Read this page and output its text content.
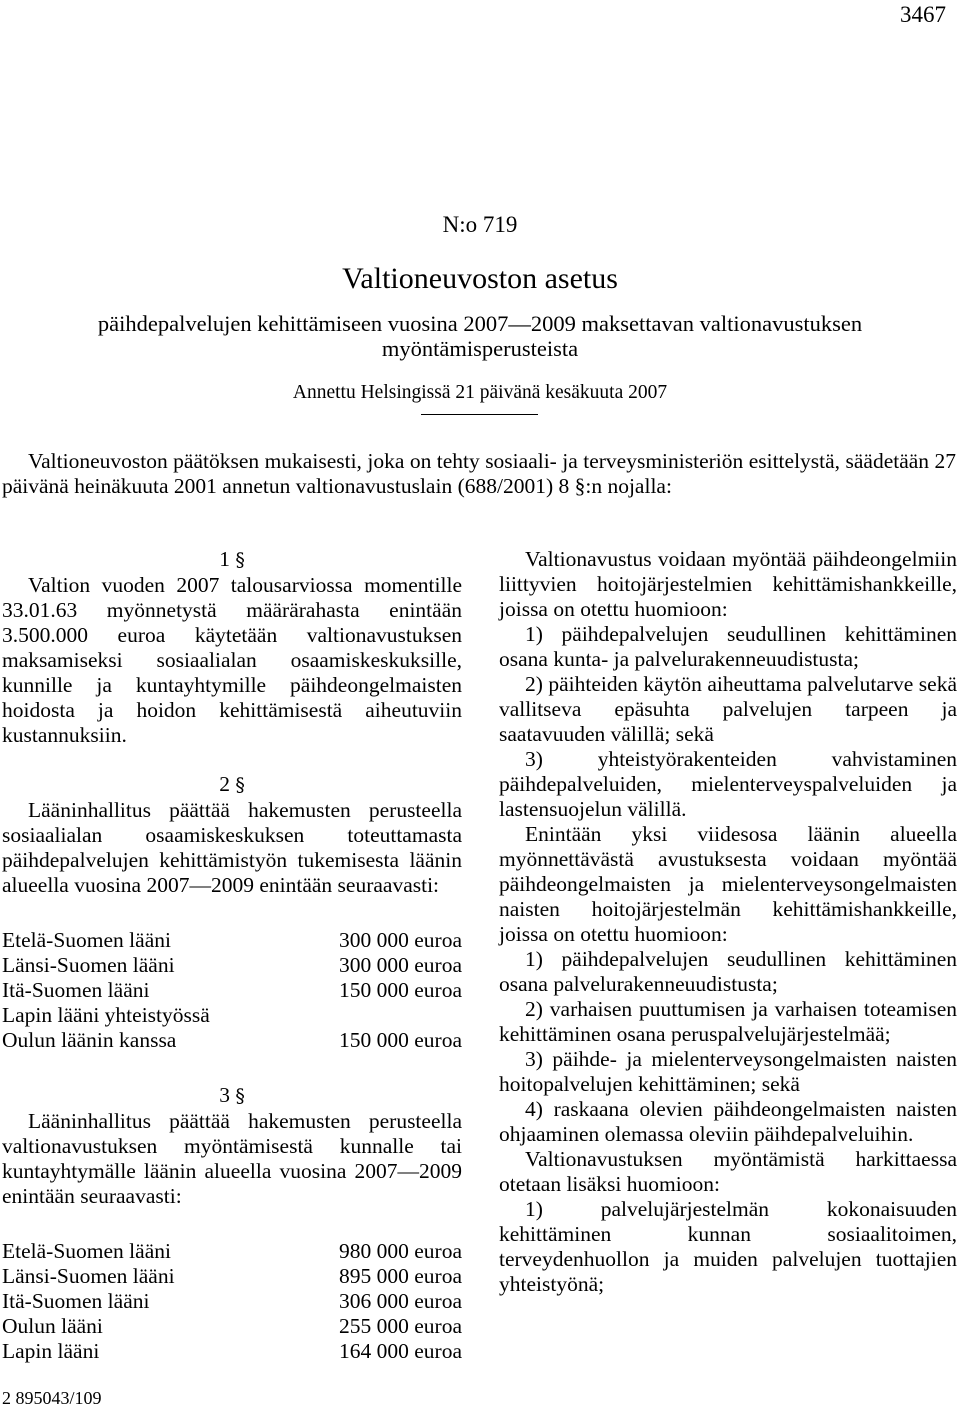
3467
N:o 719
Valtioneuvoston asetus
päihdepalvelujen kehittämiseen vuosina 2007—2009 maksettavan valtionavustuksen myöntämisperusteista
Annettu Helsingissä 21 päivänä kesäkuuta 2007

Valtioneuvoston päätöksen mukaisesti, joka on tehty sosiaali- ja terveysministeriön esittelystä, säädetään 27 päivänä heinäkuuta 2001 annetun valtionavustuslain (688/2001) 8 §:n nojalla:

1 §

Valtion vuoden 2007 talousarviossa momentille 33.01.63 myönnetystä määrärahasta enintään 3.500.000 euroa käytetään valtionavustuksen maksamiseksi sosiaalialan osaamiskeskuksille, kunnille ja kuntayhtymille päihdeongelmaisten hoidosta ja hoidon kehittämisestä aiheutuviin kustannuksiin.

2 §

Lääninhallitus päättää hakemusten perusteella sosiaalialan osaamiskeskuksen toteuttamasta päihdepalvelujen kehittämistyön tukemisesta läänin alueella vuosina 2007—2009 enintään seuraavasti:

Etelä-Suomen lääni	300 000 euroa
Länsi-Suomen lääni	300 000 euroa
Itä-Suomen lääni	150 000 euroa
Lapin lääni yhteistyössä
Oulun läänin kanssa	150 000 euroa
3 §

Lääninhallitus päättää hakemusten perusteella valtionavustuksen myöntämisestä kunnalle tai kuntayhtymälle läänin alueella vuosina 2007—2009 enintään seuraavasti:

Etelä-Suomen lääni	980 000 euroa
Länsi-Suomen lääni	895 000 euroa
Itä-Suomen lääni	306 000 euroa
Oulun lääni	255 000 euroa
Lapin lääni	164 000 euroa

Valtionavustus voidaan myöntää päihdeongelmiin liittyvien hoitojärjestelmien kehittämishankkeille, joissa on otettu huomioon:

1) päihdepalvelujen seudullinen kehittäminen osana kunta- ja palvelurakenneuudistusta;

2) päihteiden käytön aiheuttama palvelutarve sekä vallitseva epäsuhta palvelujen tarpeen ja saatavuuden välillä; sekä

3) yhteistyörakenteiden vahvistaminen päihdepalveluiden, mielenterveyspalveluiden ja lastensuojelun välillä.

Enintään yksi viidesosa läänin alueella myönnettävästä avustuksesta voidaan myöntää päihdeongelmaisten ja mielenterveysongelmaisten naisten hoitojärjestelmän kehittämishankkeille, joissa on otettu huomioon:

1) päihdepalvelujen seudullinen kehittäminen osana palvelurakenneuudistusta;

2) varhaisen puuttumisen ja varhaisen toteamisen kehittäminen osana peruspalvelujärjestelmää;

3) päihde- ja mielenterveysongelmaisten naisten hoitopalvelujen kehittäminen; sekä

4) raskaana olevien päihdeongelmaisten naisten ohjaaminen olemassa oleviin päihdepalveluihin.

Valtionavustuksen myöntämistä harkittaessa otetaan lisäksi huomioon:

1) palvelujärjestelmän kokonaisuuden kehittäminen kunnan sosiaalitoimen, terveydenhuollon ja muiden palvelujen tuottajien yhteistyönä;

2 895043/109
